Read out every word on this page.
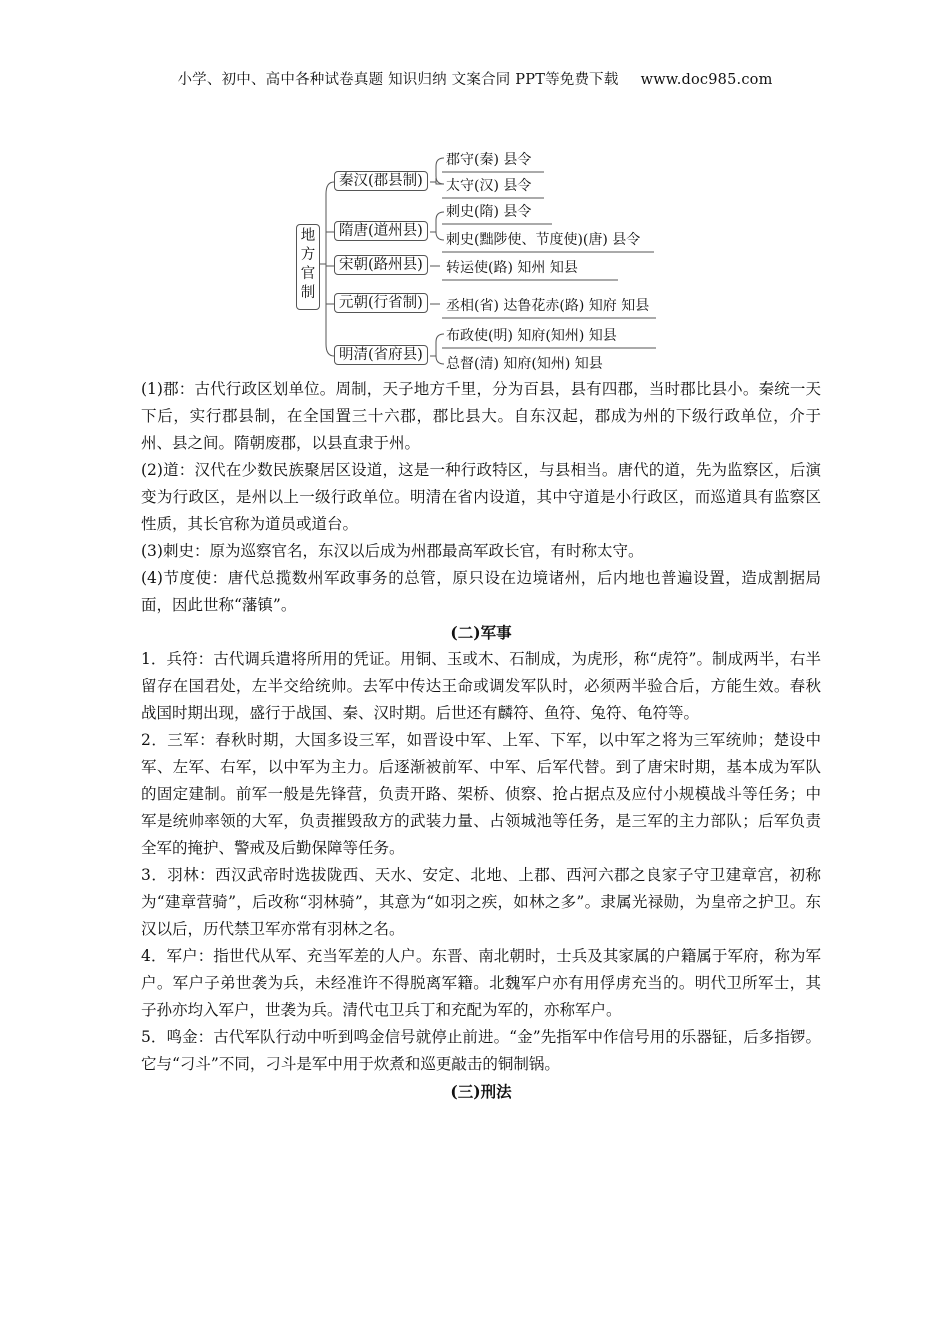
小学、初中、高中各种试卷真题 知识归纳 文案合同 PPT等免费下载 www.doc985.com
地方官制
秦汉(郡县制)
郡守(秦) 县令
太守(汉) 县令
隋唐(道州县)
刺史(隋) 县令
刺史(黜陟使、节度使)(唐) 县令
宋朝(路州县)	转运使(路) 知州 知县
元朝(行省制)	丞相(省) 达鲁花赤(路) 知府 知县
明清(省府县)
布政使(明) 知府(知州) 知县
总督(清) 知府(知州) 知县

(1)郡：古代行政区划单位。周制，天子地方千里，分为百县，县有四郡，当时郡比县小。秦统一天下后，实行郡县制，在全国置三十六郡，郡比县大。自东汉起，郡成为州的下级行政单位，介于州、县之间。隋朝废郡，以县直隶于州。

(2)道：汉代在少数民族聚居区设道，这是一种行政特区，与县相当。唐代的道，先为监察区，后演变为行政区，是州以上一级行政单位。明清在省内设道，其中守道是小行政区，而巡道具有监察区性质，其长官称为道员或道台。

(3)刺史：原为巡察官名，东汉以后成为州郡最高军政长官，有时称太守。

(4)节度使：唐代总揽数州军政事务的总管，原只设在边境诸州，后内地也普遍设置，造成割据局面，因此世称“藩镇”。

(二)军事

1．兵符：古代调兵遣将所用的凭证。用铜、玉或木、石制成，为虎形，称“虎符”。制成两半，右半留存在国君处，左半交给统帅。去军中传达王命或调发军队时，必须两半验合后，方能生效。春秋战国时期出现，盛行于战国、秦、汉时期。后世还有麟符、鱼符、兔符、龟符等。

2．三军：春秋时期，大国多设三军，如晋设中军、上军、下军，以中军之将为三军统帅；楚设中军、左军、右军，以中军为主力。后逐渐被前军、中军、后军代替。到了唐宋时期，基本成为军队的固定建制。前军一般是先锋营，负责开路、架桥、侦察、抢占据点及应付小规模战斗等任务；中军是统帅率领的大军，负责摧毁敌方的武装力量、占领城池等任务，是三军的主力部队；后军负责全军的掩护、警戒及后勤保障等任务。

3．羽林：西汉武帝时选拔陇西、天水、安定、北地、上郡、西河六郡之良家子守卫建章宫，初称为“建章营骑”，后改称“羽林骑”，其意为“如羽之疾，如林之多”。隶属光禄勋，为皇帝之护卫。东汉以后，历代禁卫军亦常有羽林之名。

4．军户：指世代从军、充当军差的人户。东晋、南北朝时，士兵及其家属的户籍属于军府，称为军户。军户子弟世袭为兵，未经准许不得脱离军籍。北魏军户亦有用俘虏充当的。明代卫所军士，其子孙亦均入军户，世袭为兵。清代屯卫兵丁和充配为军的，亦称军户。

5．鸣金：古代军队行动中听到鸣金信号就停止前进。“金”先指军中作信号用的乐器钲，后多指锣。它与“刁斗”不同，刁斗是军中用于炊煮和巡更敲击的铜制锅。

(三)刑法
